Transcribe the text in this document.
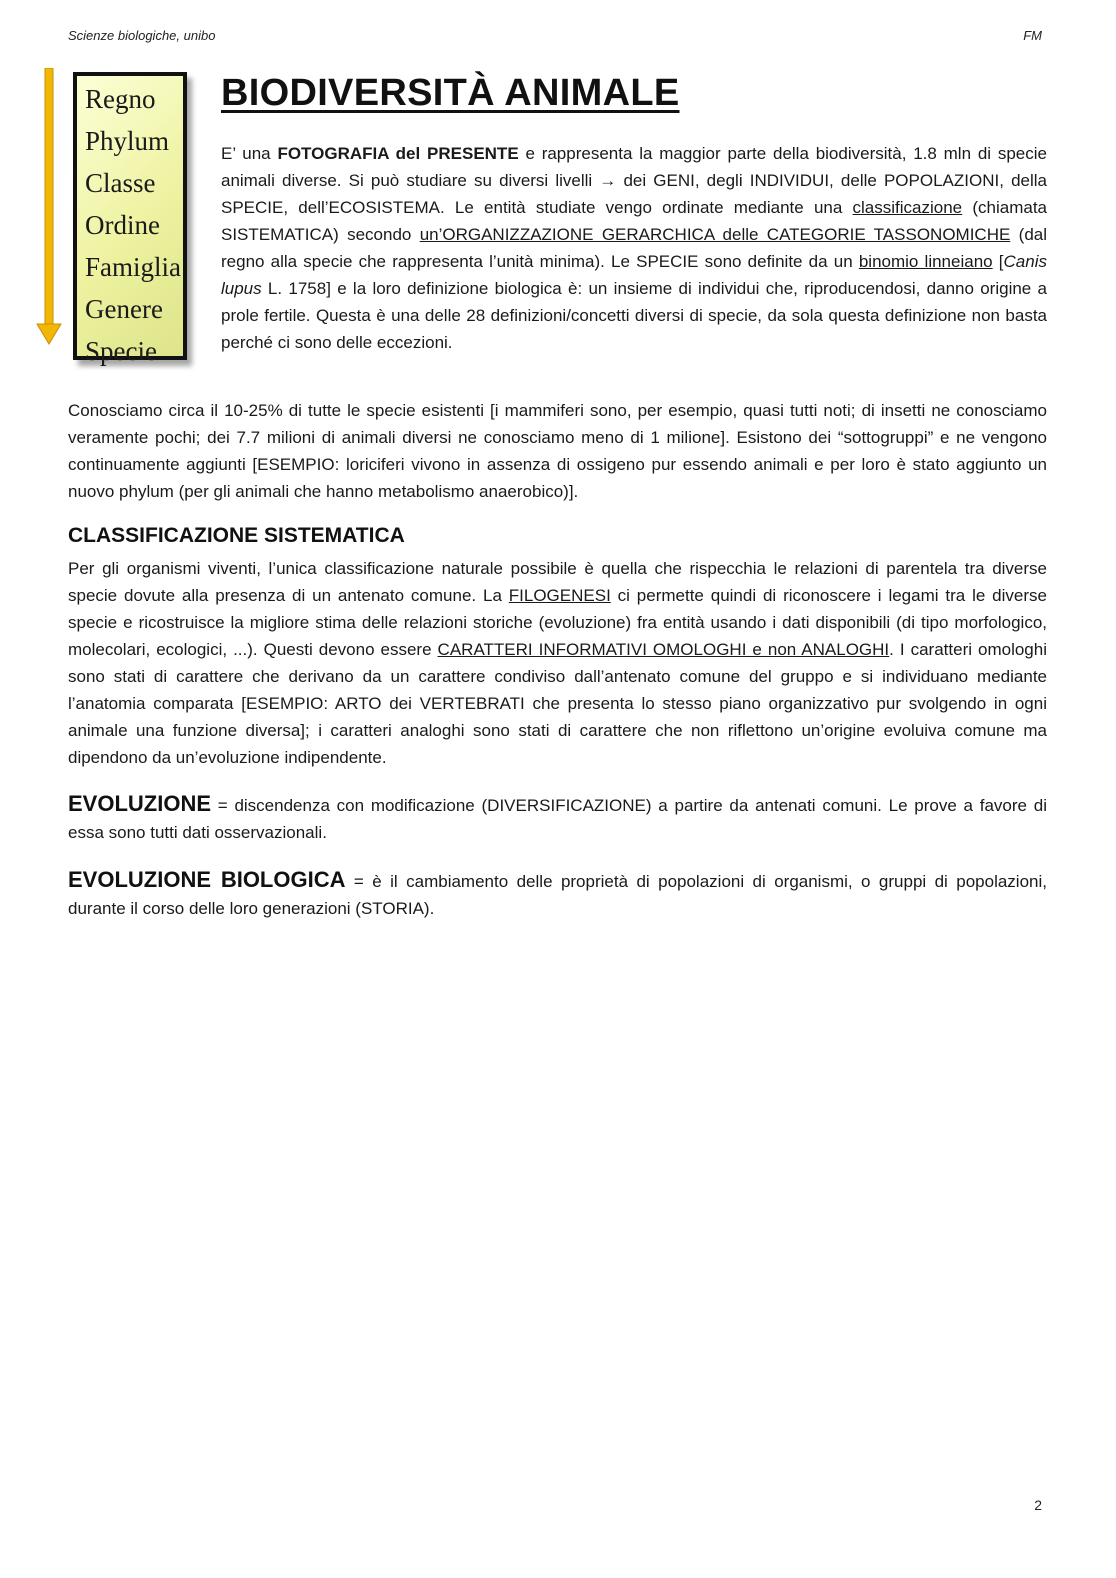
Scienze biologiche, unibo	FM
Regno
Phylum
Classe
Ordine
Famiglia
Genere
Specie
BIODIVERSITÀ ANIMALE

E’ una FOTOGRAFIA del PRESENTE e rappresenta la maggior parte della biodiversità, 1.8 mln di specie animali diverse. Si può studiare su diversi livelli → dei GENI, degli INDIVIDUI, delle POPOLAZIONI, della SPECIE, dell’ECOSISTEMA. Le entità studiate vengo ordinate mediante una classificazione (chiamata SISTEMATICA) secondo un’ORGANIZZAZIONE GERARCHICA delle CATEGORIE TASSONOMICHE (dal regno alla specie che rappresenta l’unità minima). Le SPECIE sono definite da un binomio linneiano [Canis lupus L. 1758] e la loro definizione biologica è: un insieme di individui che, riproducendosi, danno origine a prole fertile. Questa è una delle 28 definizioni/concetti diversi di specie, da sola questa definizione non basta perché ci sono delle eccezioni.

Conosciamo circa il 10-25% di tutte le specie esistenti [i mammiferi sono, per esempio, quasi tutti noti; di insetti ne conosciamo veramente pochi; dei 7.7 milioni di animali diversi ne conosciamo meno di 1 milione]. Esistono dei “sottogruppi” e ne vengono continuamente aggiunti [ESEMPIO: loriciferi vivono in assenza di ossigeno pur essendo animali e per loro è stato aggiunto un nuovo phylum (per gli animali che hanno metabolismo anaerobico)].

CLASSIFICAZIONE SISTEMATICA

Per gli organismi viventi, l’unica classificazione naturale possibile è quella che rispecchia le relazioni di parentela tra diverse specie dovute alla presenza di un antenato comune. La FILOGENESI ci permette quindi di riconoscere i legami tra le diverse specie e ricostruisce la migliore stima delle relazioni storiche (evoluzione) fra entità usando i dati disponibili (di tipo morfologico, molecolari, ecologici, ...). Questi devono essere CARATTERI INFORMATIVI OMOLOGHI e non ANALOGHI. I caratteri omologhi sono stati di carattere che derivano da un carattere condiviso dall’antenato comune del gruppo e si individuano mediante l’anatomia comparata [ESEMPIO: ARTO dei VERTEBRATI che presenta lo stesso piano organizzativo pur svolgendo in ogni animale una funzione diversa]; i caratteri analoghi sono stati di carattere che non riflettono un’origine evoluiva comune ma dipendono da un’evoluzione indipendente.

EVOLUZIONE = discendenza con modificazione (DIVERSIFICAZIONE) a partire da antenati comuni. Le prove a favore di essa sono tutti dati osservazionali.

EVOLUZIONE BIOLOGICA = è il cambiamento delle proprietà di popolazioni di organismi, o gruppi di popolazioni, durante il corso delle loro generazioni (STORIA).

2
